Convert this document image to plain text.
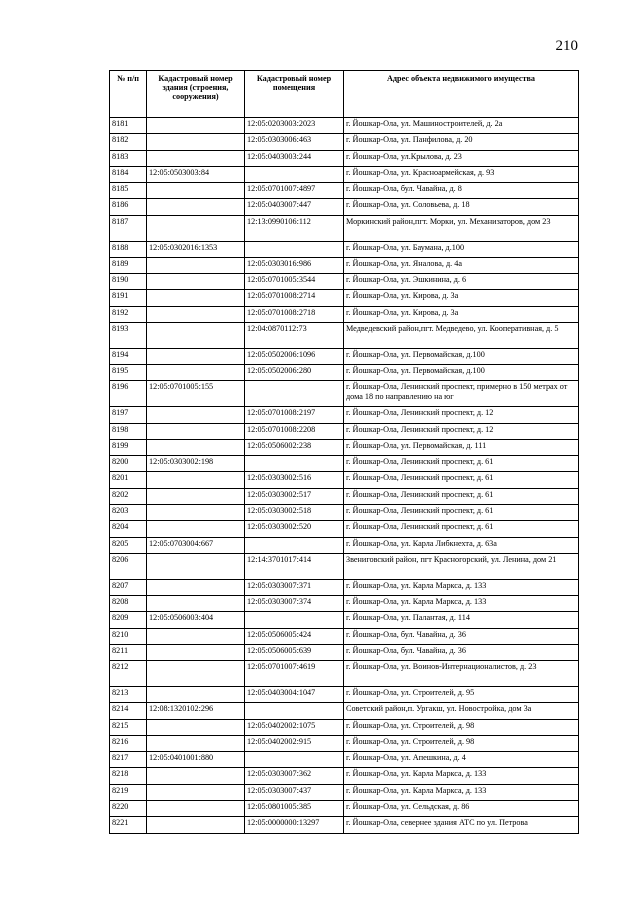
210
№ п/п	Кадастровый номер здания (строения, сооружения)	Кадастровый номер помещения	Адрес объекта недвижимого имущества
8181		12:05:0203003:2023	г. Йошкар-Ола, ул. Машиностроителей, д. 2а
8182		12:05:0303006:463	г. Йошкар-Ола, ул. Панфилова, д. 20
8183		12:05:0403003:244	г. Йошкар-Ола, ул.Крылова, д. 23
8184	12:05:0503003:84		г. Йошкар-Ола, ул. Красноармейская, д. 93
8185		12:05:0701007:4897	г. Йошкар-Ола, бул. Чавайна, д. 8
8186		12:05:0403007:447	г. Йошкар-Ола, ул. Соловьева, д. 18
8187		12:13:0990106:112	Моркинский район,пгт. Морки, ул. Механизаторов, дом 23
8188	12:05:0302016:1353		г. Йошкар-Ола, ул. Баумана, д.100
8189		12:05:0303016:986	г. Йошкар-Ола, ул. Яналова, д. 4а
8190		12:05:0701005:3544	г. Йошкар-Ола, ул. Эшкинина, д. 6
8191		12:05:0701008:2714	г. Йошкар-Ола, ул. Кирова, д. 3а
8192		12:05:0701008:2718	г. Йошкар-Ола, ул. Кирова, д. 3а
8193		12:04:0870112:73	Медведевский район,пгт. Медведево, ул. Кооперативная, д. 5
8194		12:05:0502006:1096	г. Йошкар-Ола, ул. Первомайская, д.100
8195		12:05:0502006:280	г. Йошкар-Ола, ул. Первомайская, д.100
8196	12:05:0701005:155		г. Йошкар-Ола, Ленинский проспект, примерно в 150 метрах от дома 18 по направлению на юг
8197		12:05:0701008:2197	г. Йошкар-Ола, Ленинский проспект, д. 12
8198		12:05:0701008:2208	г. Йошкар-Ола, Ленинский проспект, д. 12
8199		12:05:0506002:238	г. Йошкар-Ола, ул. Первомайская, д. 111
8200	12:05:0303002:198		г. Йошкар-Ола, Ленинский проспект, д. 61
8201		12:05:0303002:516	г. Йошкар-Ола, Ленинский проспект, д. 61
8202		12:05:0303002:517	г. Йошкар-Ола, Ленинский проспект, д. 61
8203		12:05:0303002:518	г. Йошкар-Ола, Ленинский проспект, д. 61
8204		12:05:0303002:520	г. Йошкар-Ола, Ленинский проспект, д. 61
8205	12:05:0703004:667		г. Йошкар-Ола, ул. Карла Либкнехта, д. 63а
8206		12:14:3701017:414	Звениговский район, пгт Красногорский, ул. Ленина, дом 21
8207		12:05:0303007:371	г. Йошкар-Ола, ул. Карла Маркса, д. 133
8208		12:05:0303007:374	г. Йошкар-Ола, ул. Карла Маркса, д. 133
8209	12:05:0506003:404		г. Йошкар-Ола, ул. Палантая, д. 114
8210		12:05:0506005:424	г. Йошкар-Ола, бул. Чавайна, д. 36
8211		12:05:0506005:639	г. Йошкар-Ола, бул. Чавайна, д. 36
8212		12:05:0701007:4619	г. Йошкар-Ола, ул. Воинов-Интернационалистов, д. 23
8213		12:05:0403004:1047	г. Йошкар-Ола, ул. Строителей, д. 95
8214	12:08:1320102:296		Советский район,п. Ургакш, ул. Новостройка, дом 3а
8215		12:05:0402002:1075	г. Йошкар-Ола, ул. Строителей, д. 98
8216		12:05:0402002:915	г. Йошкар-Ола, ул. Строителей, д. 98
8217	12:05:0401001:880		г. Йошкар-Ола, ул. Апешкина, д. 4
8218		12:05:0303007:362	г. Йошкар-Ола, ул. Карла Маркса, д. 133
8219		12:05:0303007:437	г. Йошкар-Ола, ул. Карла Маркса, д. 133
8220		12:05:0801005:385	г. Йошкар-Ола, ул. Сельдская, д. 86
8221		12:05:0000000:13297	г. Йошкар-Ола, севернее здания АТС по ул. Петрова
